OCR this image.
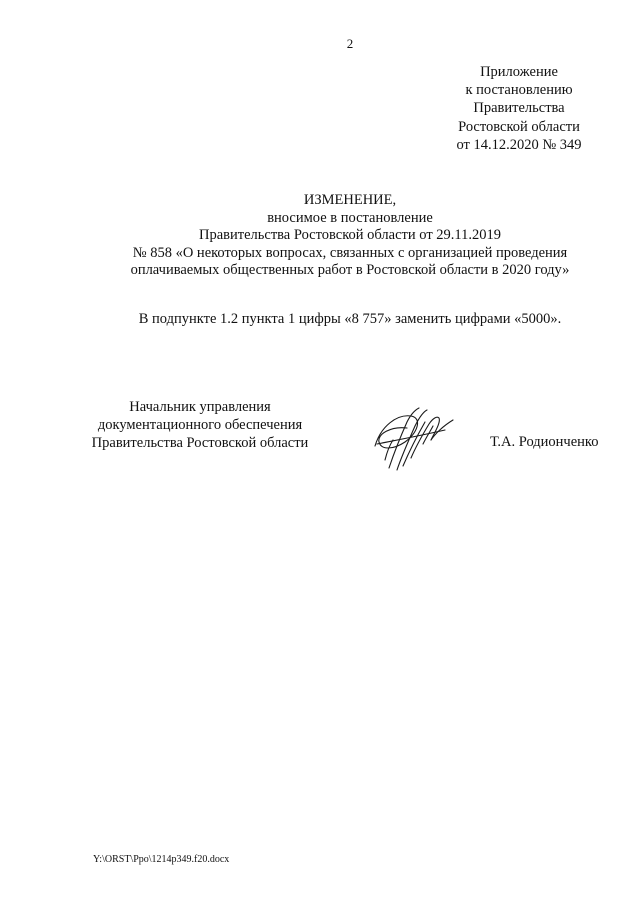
2
Приложение
к постановлению
Правительства
Ростовской области
от 14.12.2020 № 349
ИЗМЕНЕНИЕ,
вносимое в постановление
Правительства Ростовской области от 29.11.2019
№ 858 «О некоторых вопросах, связанных с организацией проведения
оплачиваемых общественных работ в Ростовской области в 2020 году»
В подпункте 1.2 пункта 1 цифры «8 757» заменить цифрами «5000».
Начальник управления
документационного обеспечения
Правительства Ростовской области	Т.А. Родионченко
Y:\ORST\Ppo\1214p349.f20.docx
